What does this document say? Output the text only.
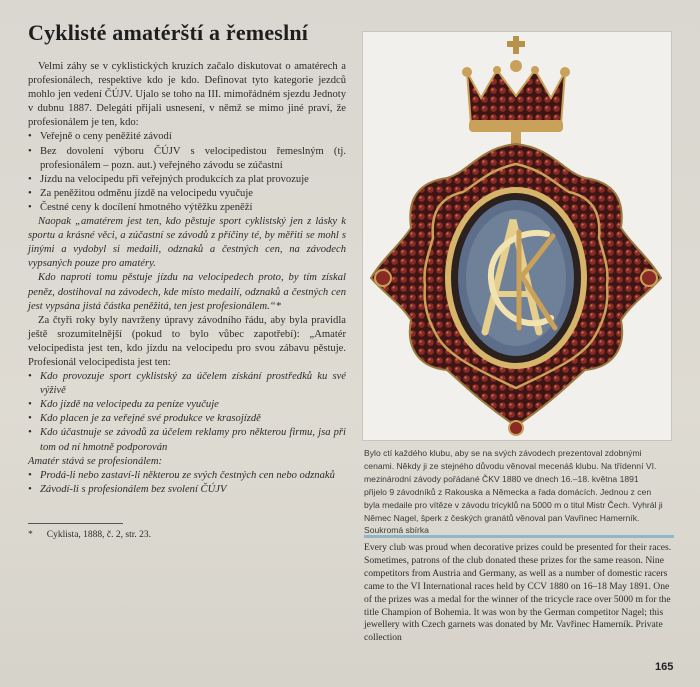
Cyklisté amatérští a řemeslní

Velmi záhy se v cyklistických kruzích začalo diskutovat o amatérech a profesionálech, respektive kdo je kdo. Definovat tyto kategorie jezdců mohlo jen vedení ČÚJV. Ujalo se toho na III. mimořádném sjezdu Jednoty v dubnu 1887. Delegáti přijali usnesení, v němž se mimo jiné praví, že profesionálem je ten, kdo:

• Veřejně o ceny peněžité závodí
• Bez dovolení výboru ČÚJV s velocipedistou řemeslným (tj. profesionálem – pozn. aut.) veřejného závodu se zúčastní
• Jízdu na velocipedu při veřejných produkcích za plat provozuje
• Za peněžitou odměnu jízdě na velocipedu vyučuje
• Čestné ceny k docílení hmotného výtěžku zpeněží

Naopak „amatérem jest ten, kdo pěstuje sport cyklistský jen z lásky k sportu a krásné věci, a zúčastní se závodů z příčiny té, by měřiti se mohl s jinými a vydobyl si medaili, odznaků a čestných cen, na závodech vypsaných pouze pro amatéry.

Kdo naproti tomu pěstuje jízdu na velocipedech proto, by tím získal peněz, dostihoval na závodech, kde místo medailí, odznaků a čestných cen jest vypsána jistá částka peněžitá, ten jest profesionálem.“*

Za čtyři roky byly navrženy úpravy závodního řádu, aby byla pravidla ještě srozumitelnější (pokud to bylo vůbec zapotřebí): „Amatér velocipedista jest ten, kdo jízdu na velocipedu pro svou zábavu pěstuje. Profesionál velocipedista jest ten:

• Kdo provozuje sport cyklistský za účelem získání prostředků ku své výživě
• Kdo jízdě na velocipedu za peníze vyučuje
• Kdo placen je za veřejné své produkce ve krasojízdě
• Kdo účastnuje se závodů za účelem reklamy pro některou firmu, jsa při tom od ní hmotně podporován

Amatér stává se profesionálem:

• Prodá-li nebo zastaví-li některou ze svých čestných cen nebo odznaků
• Závodí-li s profesionálem bez svolení ČÚJV
* Cyklista, 1888, č. 2, str. 23.
Bylo ctí každého klubu, aby se na svých závodech prezentoval zdobnými cenami. Někdy ji ze stejného důvodu věnoval mecenáš klubu. Na třídenní VI. mezinárodní závody pořádané ČKV 1880 ve dnech 16.–18. května 1891 přijelo 9 závodníků z Rakouska a Německa a řada domácích. Jednou z cen byla medaile pro vítěze v závodu tricyklů na 5000 m o titul Mistr Čech. Vyhrál ji Němec Nagel, šperk z českých granátů věnoval pan Vavřinec Hamerník. Soukromá sbírka
Every club was proud when decorative prizes could be presented for their races. Sometimes, patrons of the club donated these prizes for the same reason. Nine competitors from Austria and Germany, as well as a number of domestic racers came to the VI International races held by CCV 1880 on 16–18 May 1891. One of the prizes was a medal for the winner of the tricycle race over 5000 m for the title Champion of Bohemia. It was won by the German competitor Nagel; this jewellery with Czech garnets was donated by Mr. Vavřinec Hamerník. Private collection
165
